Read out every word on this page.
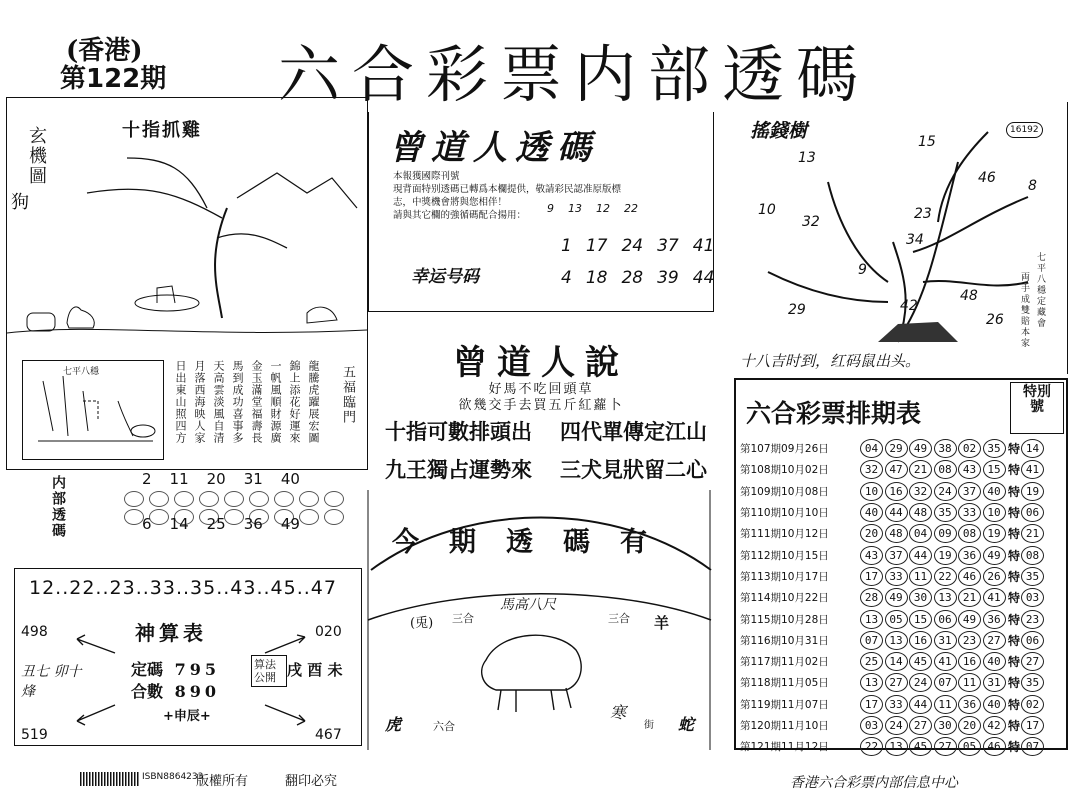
(香港)
第122期 六合彩票内部透碼
玄機圖
狗
十指抓雞
七平八穩	日出東山照四方 月落西海映人家 天高雲淡風自清 馬到成功喜事多 金玉滿堂福壽長 一帆風順財源廣 錦上添花好運來 龍騰虎躍展宏圖 五福臨門
内部透碼	2 11 20 31 40
6 14 25 36 49
12..22..23..33..35..43..45..47
498	020
519	467
神算表
定碼 795
合數 890
算法公開
+申辰+
丑七 卯十 烽
戌 酉 未
曾道人透碼
本報獲國際刊號
現背面特别透碼已轉爲本欄提供，敬請彩民認准原版標
志，中獎機會將與您相伴！
請與其它欄的強循碼配合揚用：
幸运号码
9 13 12 22
1 17 24 37 41
4 18 28 39 44
曾道人說
好馬不吃回頭草
欲幾交手去買五斤紅蘿卜
十指可數排頭出 四代單傳定江山
九王獨占運勢來 三犬見狀留二心
今期透碼有
(兎) 三合
馬高八尺
三合 羊
虎	六合
寒
街 蛇
搖錢樹	16192
13
15
46 8
10
32	23
34
9
29	42
48
26	七平八穩定藏會
両手成雙賠本家
十八吉时到，红码鼠出头。
六合彩票排期表
特別號
第107期09月26日	04	29	49	38	02	35 特 14
第108期10月02日	32	47	21	08	43	15 特 41
第109期10月08日	10	16	32	24	37	40 特 19
第110期10月10日	40	44	48	35	33	10 特 06
第111期10月12日	20	48	04	09	08	19 特 21
第112期10月15日	43	37	44	19	36	49 特 08
第113期10月17日	17	33	11	22	46	26 特 35
第114期10月22日	28	49	30	13	21	41 特 03
第115期10月28日	13	05	15	06	49	36 特 23
第116期10月31日	07	13	16	31	23	27 特 06
第117期11月02日	25	14	45	41	16	40 特 27
第118期11月05日	13	27	24	07	11	31 特 35
第119期11月07日	17	33	44	11	36	40 特 02
第120期11月10日	03	24	27	30	20	42 特 17
第121期11月12日	22	13	45	27	05	46 特 07
ISBN8864233
版權所有	翻印必究	香港六合彩票内部信息中心
